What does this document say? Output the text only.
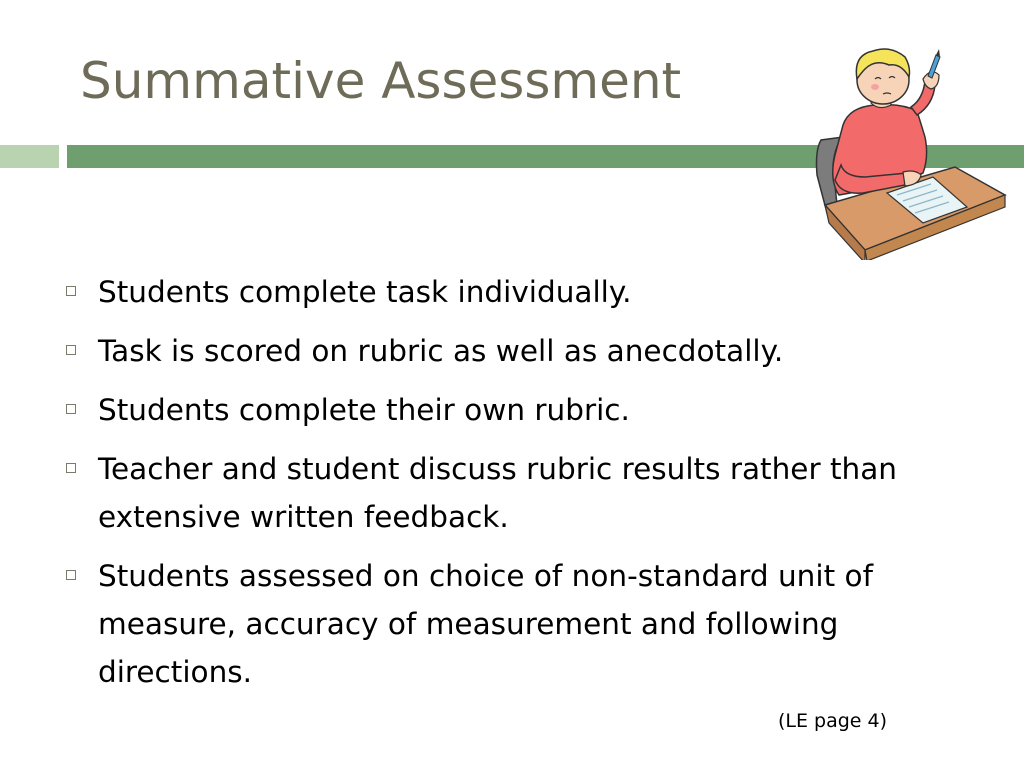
Summative Assessment
Students complete task individually.
Task is scored on rubric as well as anecdotally.
Students complete their own rubric.
Teacher and student discuss rubric results rather than extensive written feedback.
Students assessed on choice of non-standard unit of measure, accuracy of measurement and following directions.
(LE page 4)
